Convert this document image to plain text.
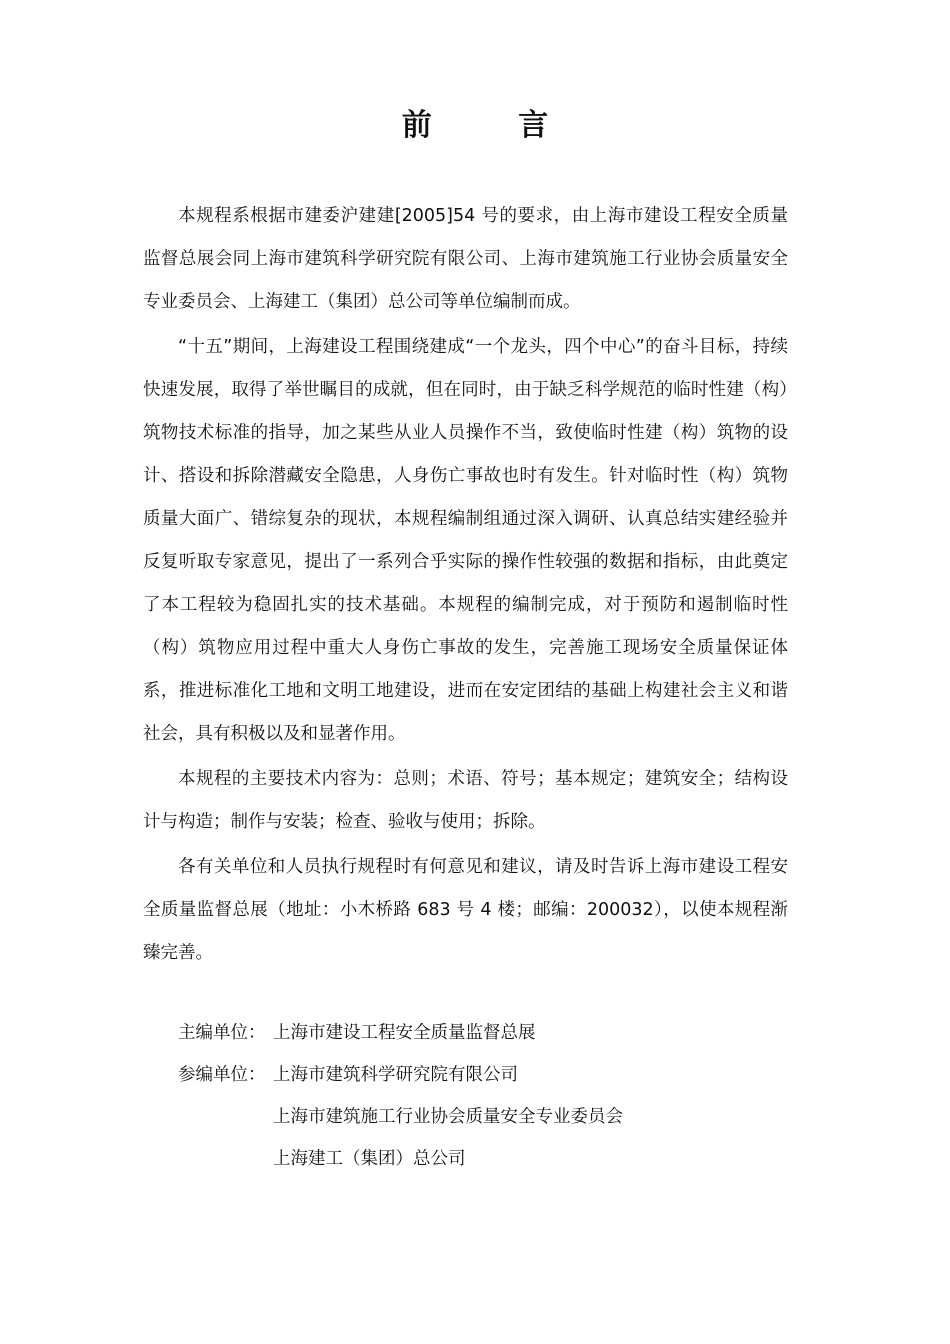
前 言

本规程系根据市建委沪建建[2005]54 号的要求，由上海市建设工程安全质量监督总展会同上海市建筑科学研究院有限公司、上海市建筑施工行业协会质量安全专业委员会、上海建工（集团）总公司等单位编制而成。

“十五”期间，上海建设工程围绕建成“一个龙头，四个中心”的奋斗目标，持续快速发展，取得了举世瞩目的成就，但在同时，由于缺乏科学规范的临时性建（构）筑物技术标准的指导，加之某些从业人员操作不当，致使临时性建（构）筑物的设计、搭设和拆除潜藏安全隐患，人身伤亡事故也时有发生。针对临时性（构）筑物质量大面广、错综复杂的现状，本规程编制组通过深入调研、认真总结实建经验并反复听取专家意见，提出了一系列合乎实际的操作性较强的数据和指标，由此奠定了本工程较为稳固扎实的技术基础。本规程的编制完成，对于预防和遏制临时性（构）筑物应用过程中重大人身伤亡事故的发生，完善施工现场安全质量保证体系，推进标准化工地和文明工地建设，进而在安定团结的基础上构建社会主义和谐社会，具有积极以及和显著作用。

本规程的主要技术内容为：总则；术语、符号；基本规定；建筑安全；结构设计与构造；制作与安装；检查、验收与使用；拆除。

各有关单位和人员执行规程时有何意见和建议，请及时告诉上海市建设工程安全质量监督总展（地址：小木桥路 683 号 4 楼；邮编：200032），以使本规程渐臻完善。

主编单位： 上海市建设工程安全质量监督总展
参编单位： 上海市建筑科学研究院有限公司
上海市建筑施工行业协会质量安全专业委员会
上海建工（集团）总公司
